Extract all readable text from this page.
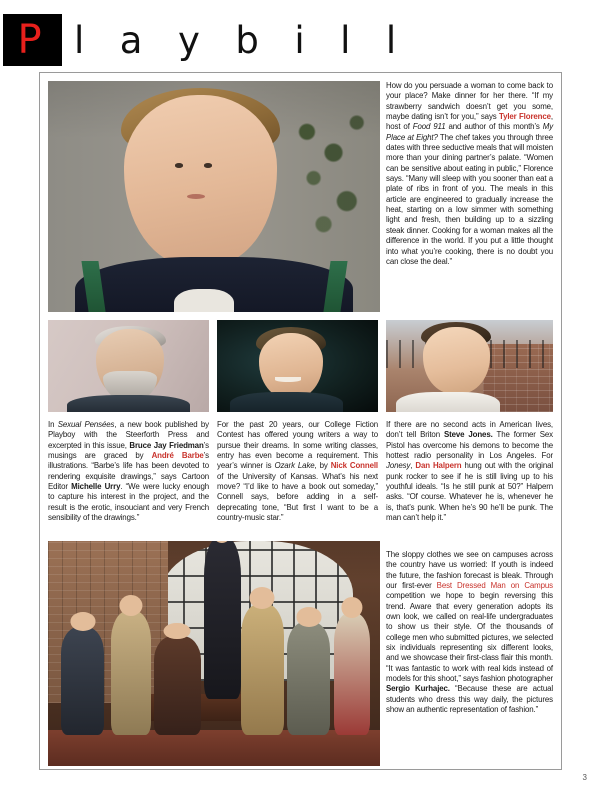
P laybill
How do you persuade a woman to come back to your place? Make dinner for her there. “If my strawberry sandwich doesn’t get you some, maybe dating isn’t for you,” says Tyler Florence, host of Food 911 and author of this month’s My Place at Eight? The chef takes you through three dates with three seductive meals that will moisten more than your dining partner’s palate. “Women can be sensitive about eating in public,” Florence says. “Many will sleep with you sooner than eat a plate of ribs in front of you. The meals in this article are engineered to gradually increase the heat, starting on a low simmer with something light and fresh, then building up to a sizzling steak dinner. Cooking for a woman makes all the difference in the world. If you put a little thought into what you’re cooking, there is no doubt you can close the deal.”
In Sexual Pensées, a new book published by Playboy with the Steerforth Press and excerpted in this issue, Bruce Jay Friedman’s musings are graced by André Barbe’s illustrations. “Barbe’s life has been devoted to rendering exquisite drawings,” says Cartoon Editor Michelle Urry. “We were lucky enough to capture his interest in the project, and the result is the erotic, insouciant and very French sensibility of the drawings.”
For the past 20 years, our College Fiction Contest has offered young writers a way to pursue their dreams. In some writing classes, entry has even become a requirement. This year’s winner is Ozark Lake, by Nick Connell of the University of Kansas. What’s his next move? “I’d like to have a book out someday,” Connell says, before adding in a self-deprecating tone, “But first I want to be a country-music star.”
If there are no second acts in American lives, don’t tell Briton Steve Jones. The former Sex Pistol has overcome his demons to become the hottest radio personality in Los Angeles. For Jonesy, Dan Halpern hung out with the original punk rocker to see if he is still living up to his youthful ideals. “Is he still punk at 50?” Halpern asks. “Of course. Whatever he is, whenever he is, that’s punk. When he’s 90 he’ll be punk. The man can’t help it.”
The sloppy clothes we see on campuses across the country have us worried: If youth is indeed the future, the fashion forecast is bleak. Through our first-ever Best Dressed Man on Campus competition we hope to begin reversing this trend. Aware that every generation adopts its own look, we called on real-life undergraduates to show us their style. Of the thousands of college men who submitted pictures, we selected six individuals representing six different looks, and we showcase their first-class flair this month. “It was fantastic to work with real kids instead of models for this shoot,” says fashion photographer Sergio Kurhajec. “Because these are actual students who dress this way daily, the pictures show an authentic representation of fashion.”
3
